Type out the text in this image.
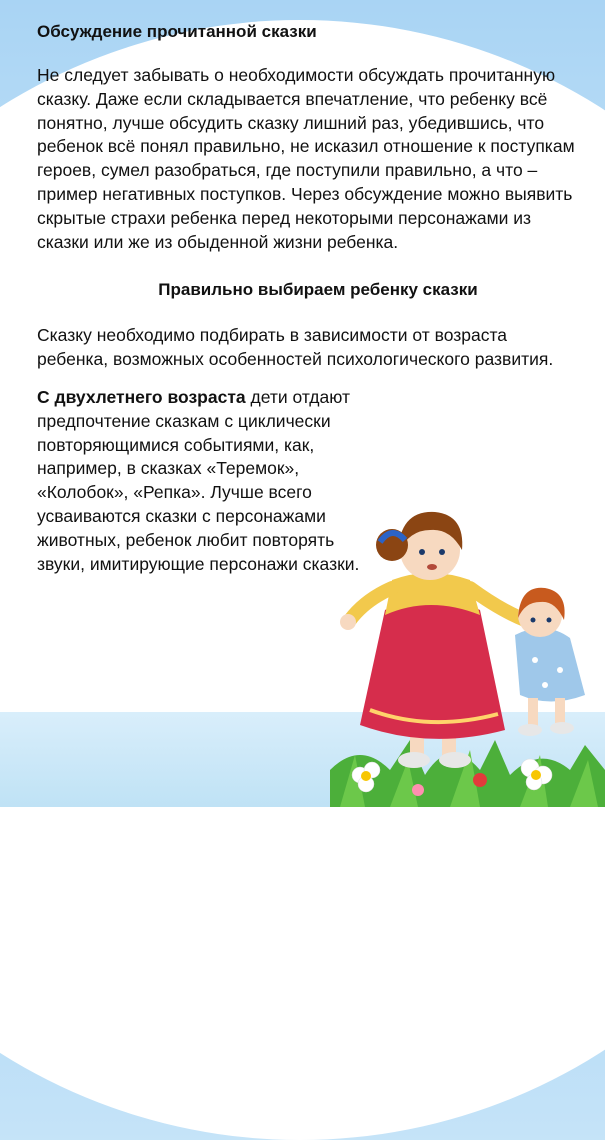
Обсуждение прочитанной сказки

Не следует забывать о необходимости обсуждать прочитанную сказку. Даже если складывается впечатление, что ребенку всё понятно, лучше обсудить сказку лишний раз, убедившись, что ребенок всё понял правильно, не исказил отношение к поступкам героев, сумел разобраться, где поступили правильно, а что – пример негативных поступков. Через обсуждение можно выявить скрытые страхи ребенка перед некоторыми персонажами из сказки или же из обыденной жизни ребенка.

Правильно выбираем ребенку сказки

Сказку необходимо подбирать в зависимости от возраста ребенка, возможных особенностей психологического развития.

С двухлетнего возраста дети отдают предпочтение сказкам с циклически повторяющимися событиями, как, например, в сказках «Теремок», «Колобок», «Репка». Лучше всего усваиваются сказки с персонажами животных, ребенок любит повторять звуки, имитирующие персонажи сказки.
